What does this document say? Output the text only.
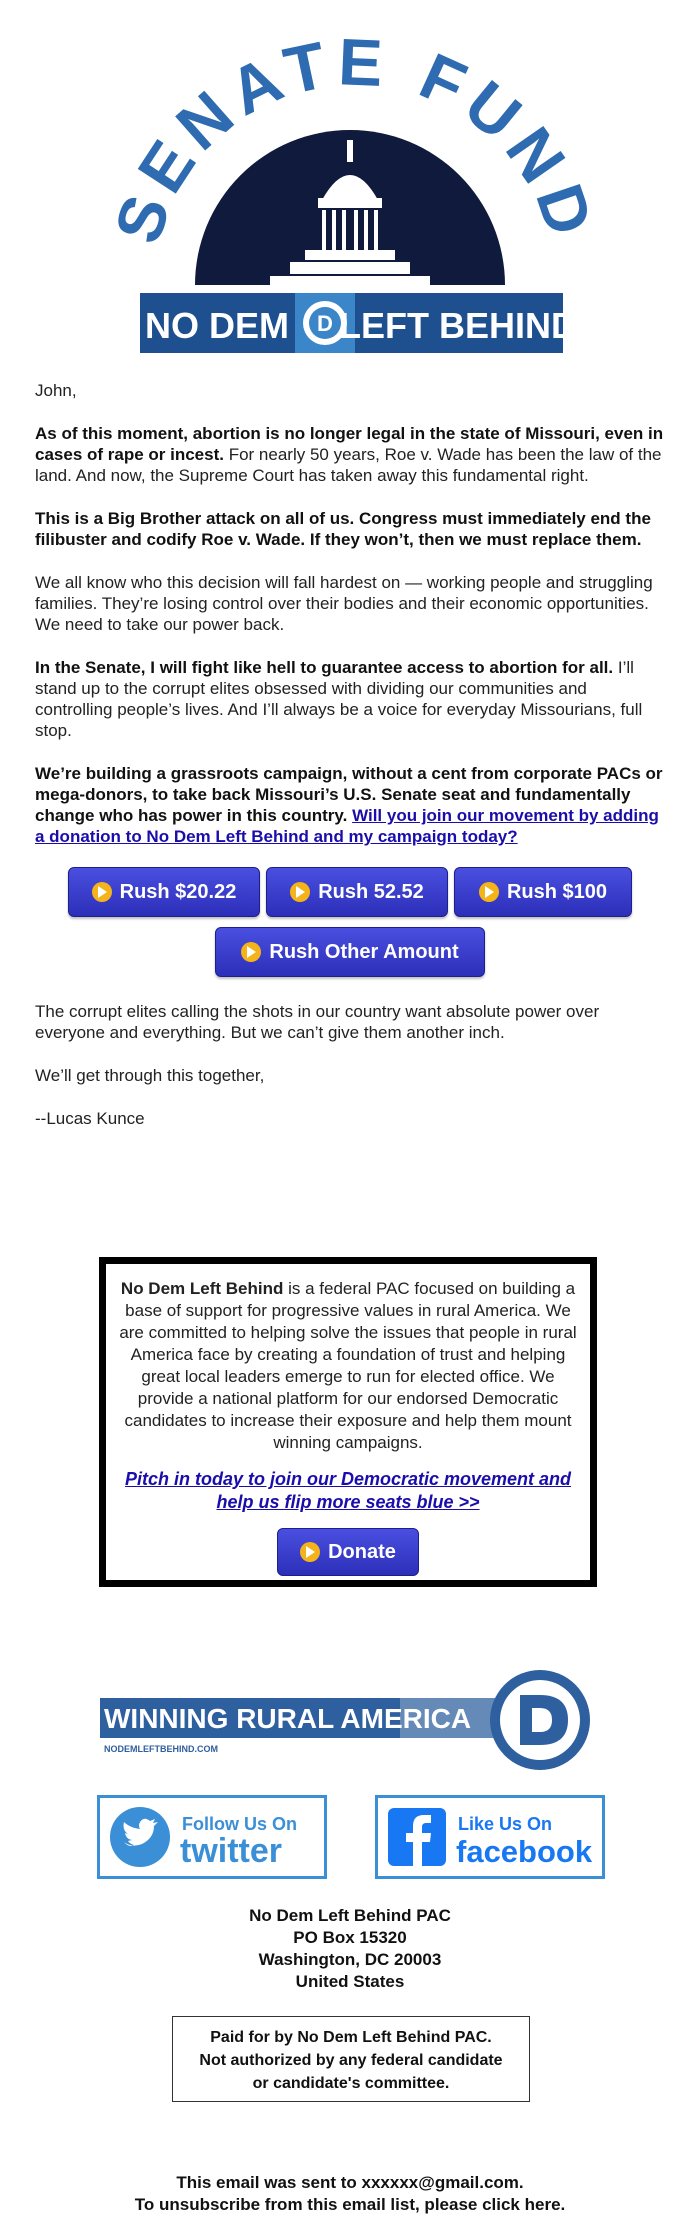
SENATE FUND
NO DEM D LEFT BEHIND

John,

As of this moment, abortion is no longer legal in the state of Missouri, even in cases of rape or incest. For nearly 50 years, Roe v. Wade has been the law of the land. And now, the Supreme Court has taken away this fundamental right.

This is a Big Brother attack on all of us. Congress must immediately end the filibuster and codify Roe v. Wade. If they won’t, then we must replace them.

We all know who this decision will fall hardest on — working people and struggling families. They’re losing control over their bodies and their economic opportunities. We need to take our power back.

In the Senate, I will fight like hell to guarantee access to abortion for all. I’ll stand up to the corrupt elites obsessed with dividing our communities and controlling people’s lives. And I’ll always be a voice for everyday Missourians, full stop.

We’re building a grassroots campaign, without a cent from corporate PACs or mega-donors, to take back Missouri’s U.S. Senate seat and fundamentally change who has power in this country. Will you join our movement by adding a donation to No Dem Left Behind and my campaign today?

Rush $20.22	Rush 52.52	Rush $100
Rush Other Amount

The corrupt elites calling the shots in our country want absolute power over everyone and everything. But we can’t give them another inch.

We’ll get through this together,

--Lucas Kunce

No Dem Left Behind is a federal PAC focused on building a base of support for progressive values in rural America. We are committed to helping solve the issues that people in rural America face by creating a foundation of trust and helping great local leaders emerge to run for elected office. We provide a national platform for our endorsed Democratic candidates to increase their exposure and help them mount winning campaigns.

Pitch in today to join our Democratic movement and help us flip more seats blue >>

Donate
WINNING RURAL AMERICA
NODEMLEFTBEHIND.COM
Follow Us On
twitter
Like Us On
facebook
No Dem Left Behind PAC
PO Box 15320
Washington, DC 20003
United States
Paid for by No Dem Left Behind PAC.
Not authorized by any federal candidate
or candidate's committee.
This email was sent to xxxxxx@gmail.com.
To unsubscribe from this email list, please click here.
